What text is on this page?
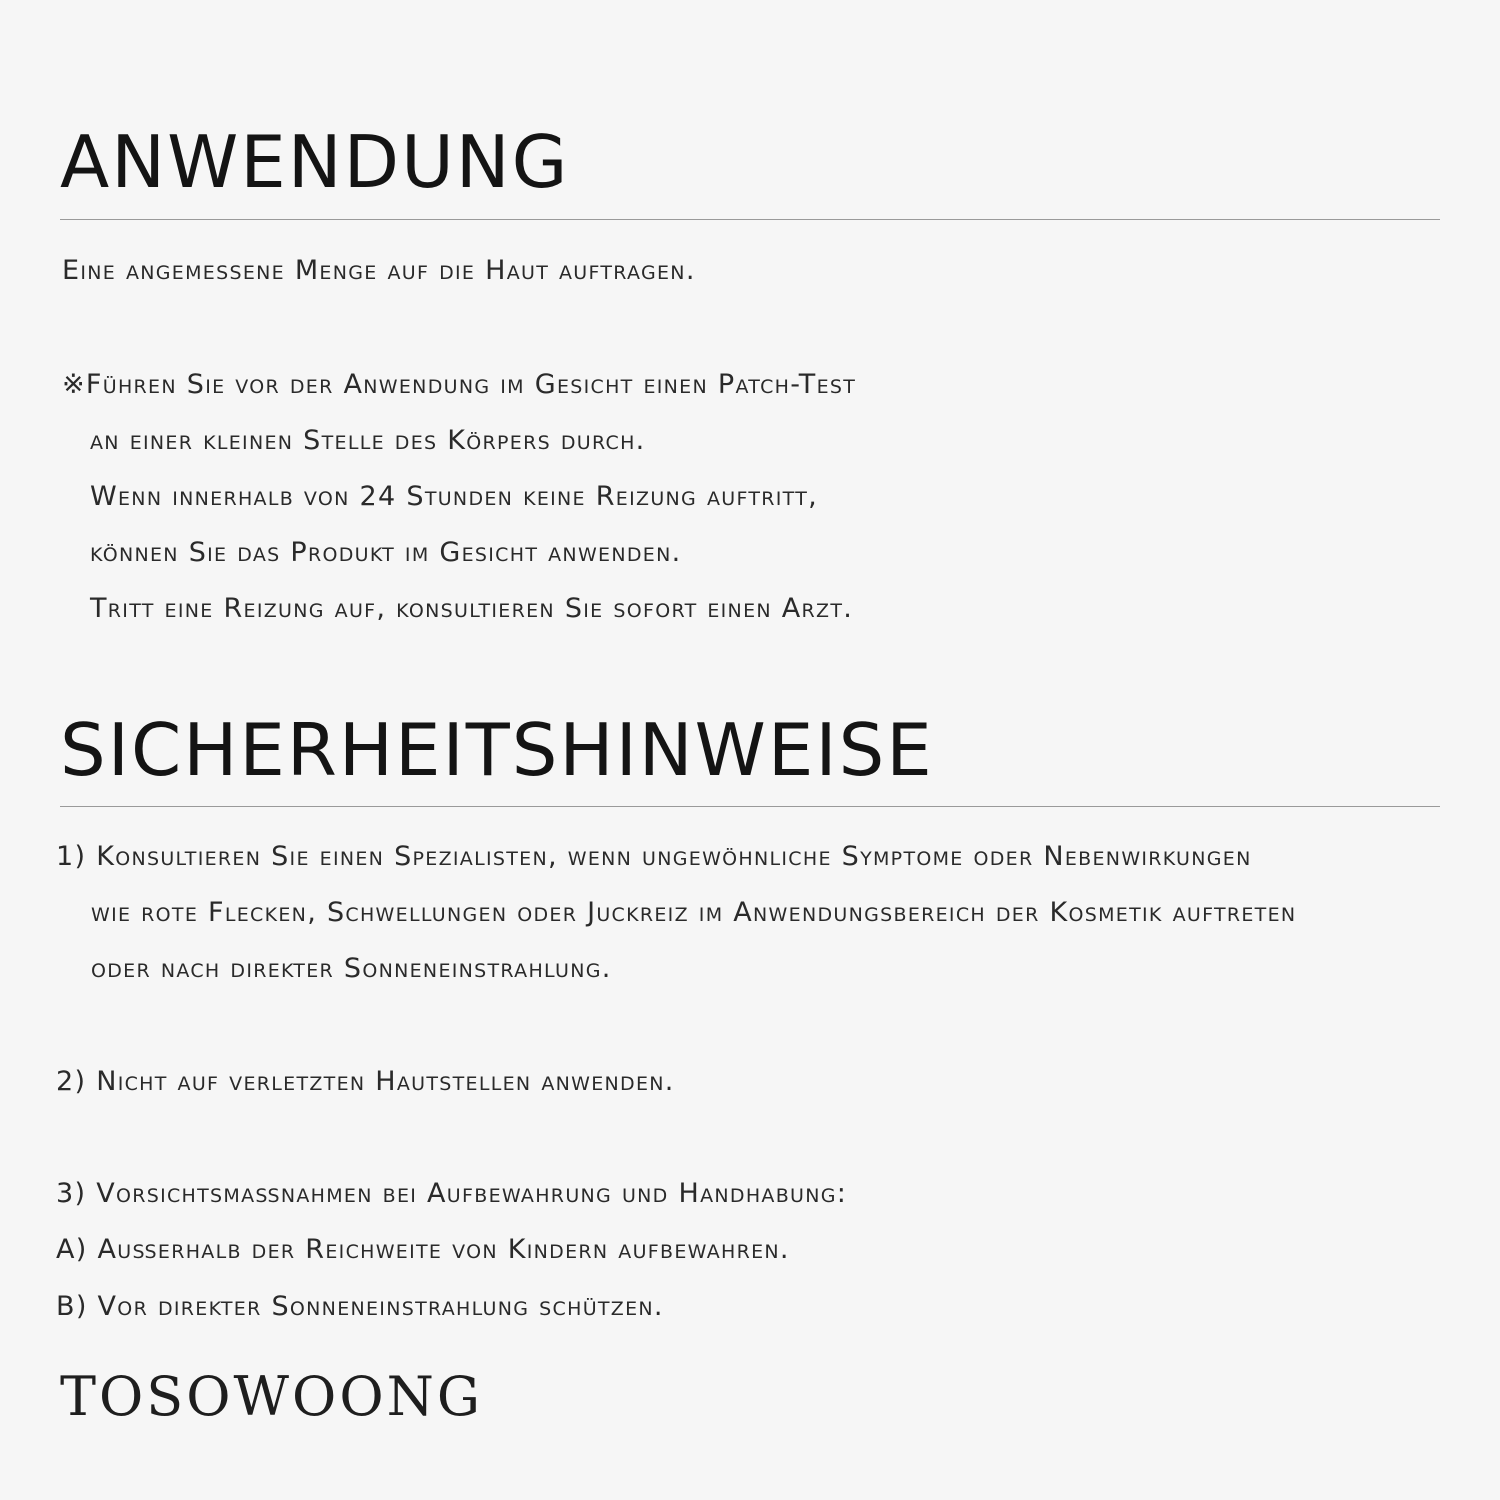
ANWENDUNG

Eine angemessene Menge auf die Haut auftragen.

※Führen Sie vor der Anwendung im Gesicht einen Patch-Test

an einer kleinen Stelle des Körpers durch.

Wenn innerhalb von 24 Stunden keine Reizung auftritt,

können Sie das Produkt im Gesicht anwenden.

Tritt eine Reizung auf, konsultieren Sie sofort einen Arzt.

SICHERHEITSHINWEISE

1) Konsultieren Sie einen Spezialisten, wenn ungewöhnliche Symptome oder Nebenwirkungen

wie rote Flecken, Schwellungen oder Juckreiz im Anwendungsbereich der Kosmetik auftreten

oder nach direkter Sonneneinstrahlung.

2) Nicht auf verletzten Hautstellen anwenden.

3) Vorsichtsmaßnahmen bei Aufbewahrung und Handhabung:

A) Außerhalb der Reichweite von Kindern aufbewahren.

B) Vor direkter Sonneneinstrahlung schützen.

TOSOWOONG
